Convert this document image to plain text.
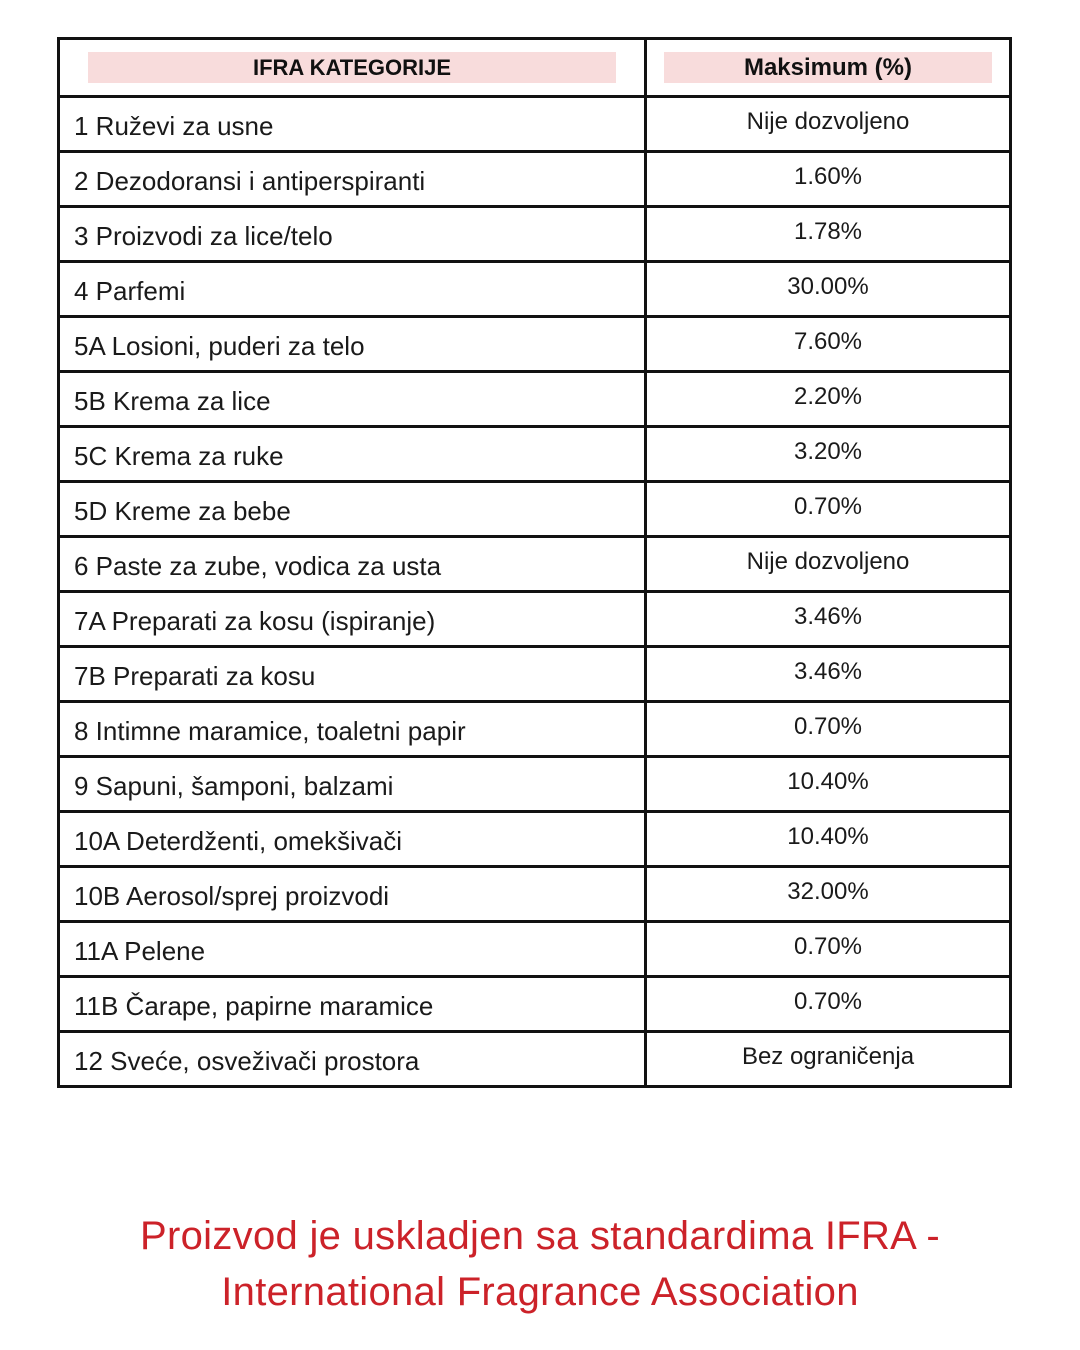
IFRA KATEGORIJE	Maksimum (%)

1 Ruževi za usne	Nije dozvoljeno
2 Dezodoransi i antiperspiranti	1.60%
3 Proizvodi za lice/telo	1.78%
4 Parfemi	30.00%
5A Losioni, puderi za telo	7.60%
5B Krema za lice	2.20%
5C Krema za ruke	3.20%
5D Kreme za bebe	0.70%
6 Paste za zube, vodica za usta	Nije dozvoljeno
7A Preparati za kosu (ispiranje)	3.46%
7B Preparati za kosu	3.46%
8 Intimne maramice, toaletni papir	0.70%
9 Sapuni, šamponi, balzami	10.40%
10A Deterdženti, omekšivači	10.40%
10B Aerosol/sprej proizvodi	32.00%
11A Pelene	0.70%
11B Čarape, papirne maramice	0.70%
12 Sveće, osveživači prostora	Bez ograničenja
Proizvod je uskladjen sa standardima IFRA -
International Fragrance Association
